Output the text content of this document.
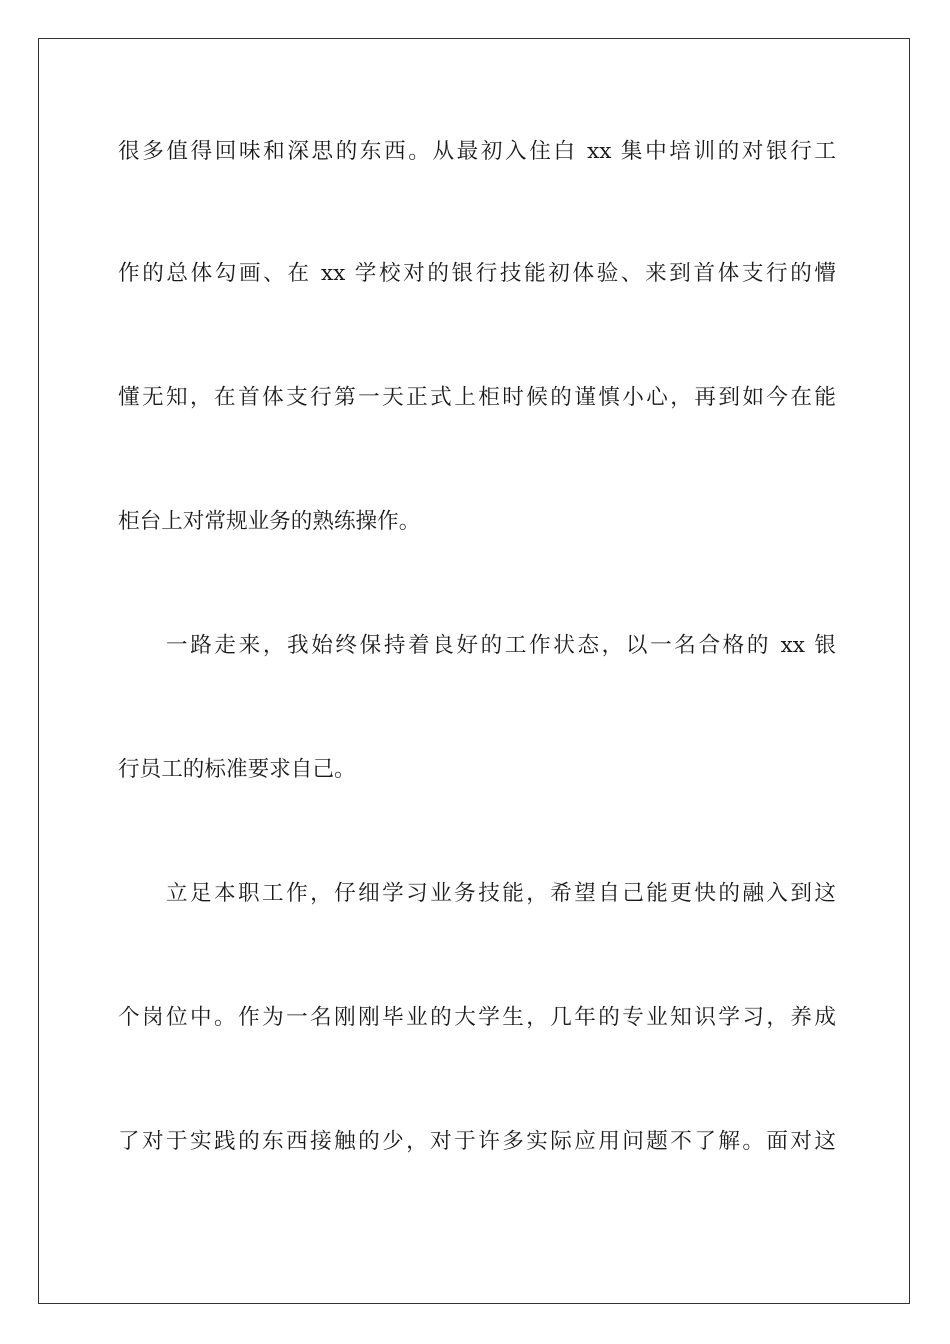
很多值得回味和深思的东西。从最初入住白 xx 集中培训的对银行工
作的总体勾画、在 xx 学校对的银行技能初体验、来到首体支行的懵
懂无知，在首体支行第一天正式上柜时候的谨慎小心，再到如今在能
柜台上对常规业务的熟练操作。
一路走来，我始终保持着良好的工作状态，以一名合格的 xx 银
行员工的标准要求自己。
立足本职工作，仔细学习业务技能，希望自己能更快的融入到这
个岗位中。作为一名刚刚毕业的大学生，几年的专业知识学习，养成
了对于实践的东西接触的少，对于许多实际应用问题不了解。面对这
